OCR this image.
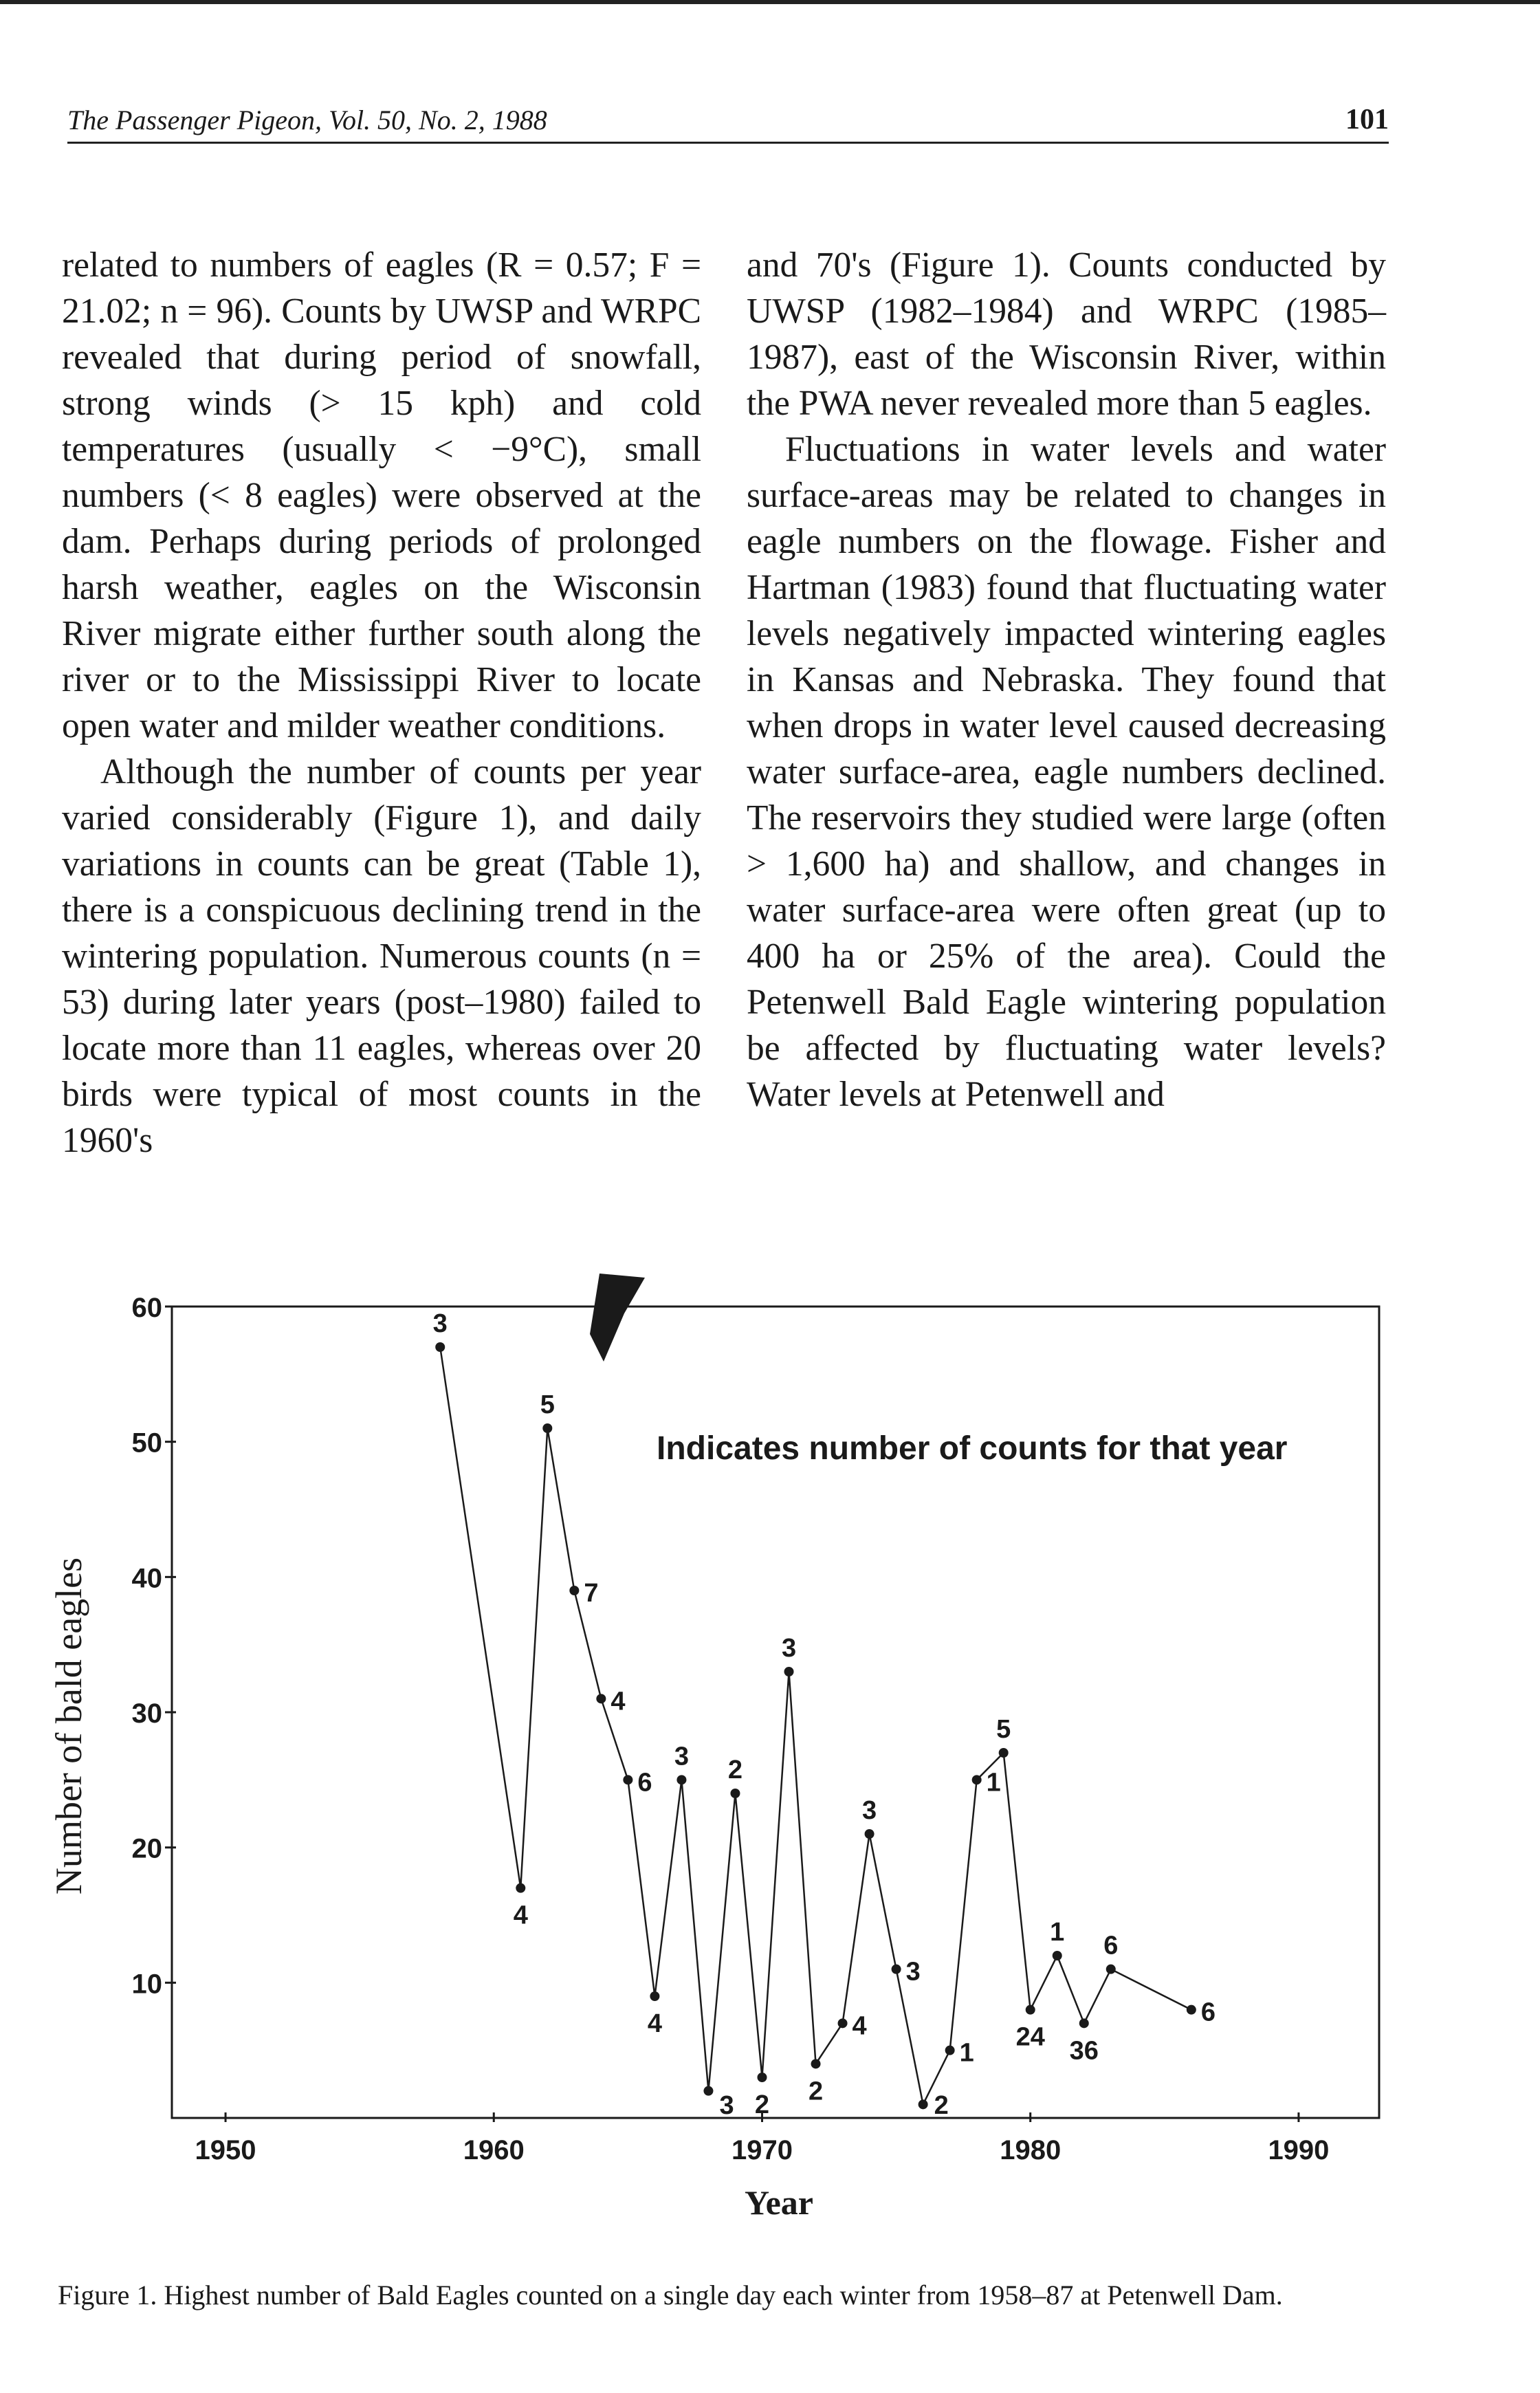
The Passenger Pigeon, Vol. 50, No. 2, 1988	101

related to numbers of eagles (R = 0.57; F = 21.02; n = 96). Counts by UWSP and WRPC revealed that during period of snowfall, strong winds (> 15 kph) and cold temperatures (usually < −9°C), small numbers (< 8 eagles) were observed at the dam. Perhaps during periods of prolonged harsh weather, eagles on the Wisconsin River migrate either further south along the river or to the Mississippi River to locate open water and milder weather conditions.

Although the number of counts per year varied considerably (Figure 1), and daily variations in counts can be great (Table 1), there is a conspicuous declining trend in the wintering population. Numerous counts (n = 53) during later years (post–1980) failed to locate more than 11 eagles, whereas over 20 birds were typical of most counts in the 1960's

and 70's (Figure 1). Counts conducted by UWSP (1982–1984) and WRPC (1985–1987), east of the Wisconsin River, within the PWA never revealed more than 5 eagles.

Fluctuations in water levels and water surface-areas may be related to changes in eagle numbers on the flowage. Fisher and Hartman (1983) found that fluctuating water levels negatively impacted wintering eagles in Kansas and Nebraska. They found that when drops in water level caused decreasing water surface-area, eagle numbers declined. The reservoirs they studied were large (often > 1,600 ha) and shallow, and changes in water surface-area were often great (up to 400 ha or 25% of the area). Could the Petenwell Bald Eagle wintering population be affected by fluctuating water levels? Water levels at Petenwell and

10
20
30
40
50
60
1950	1960	1970	1980	1990
3
4
5
7
4
6
4
3
3
2
2
3
2
4
3
3
2
1
1
5
24
1
36
6
6
Indicates number of counts for that year
Year
Number of bald eagles
Figure 1. Highest number of Bald Eagles counted on a single day each winter from 1958–87 at Petenwell Dam.
